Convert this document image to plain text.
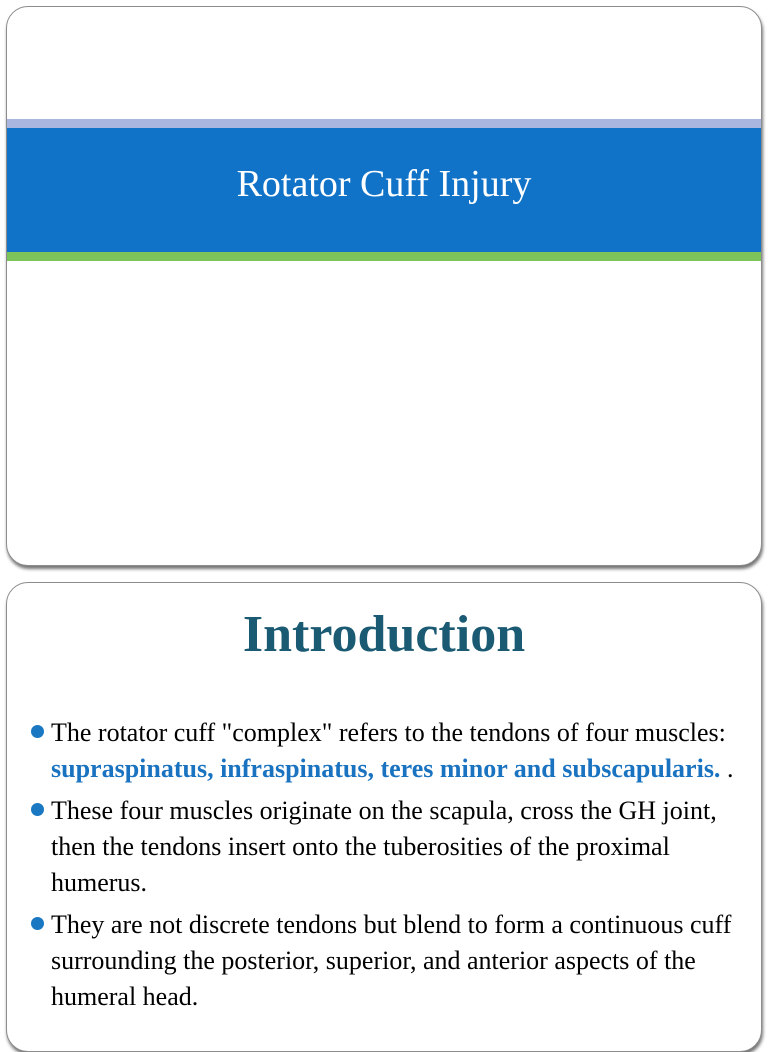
Rotator Cuff Injury
Introduction
The rotator cuff "complex" refers to the tendons of four muscles: supraspinatus, infraspinatus, teres minor and subscapularis. .
These four muscles originate on the scapula, cross the GH joint, then the tendons insert onto the tuberosities of the proximal humerus.
They are not discrete tendons but blend to form a continuous cuff surrounding the posterior, superior, and anterior aspects of the humeral head.
